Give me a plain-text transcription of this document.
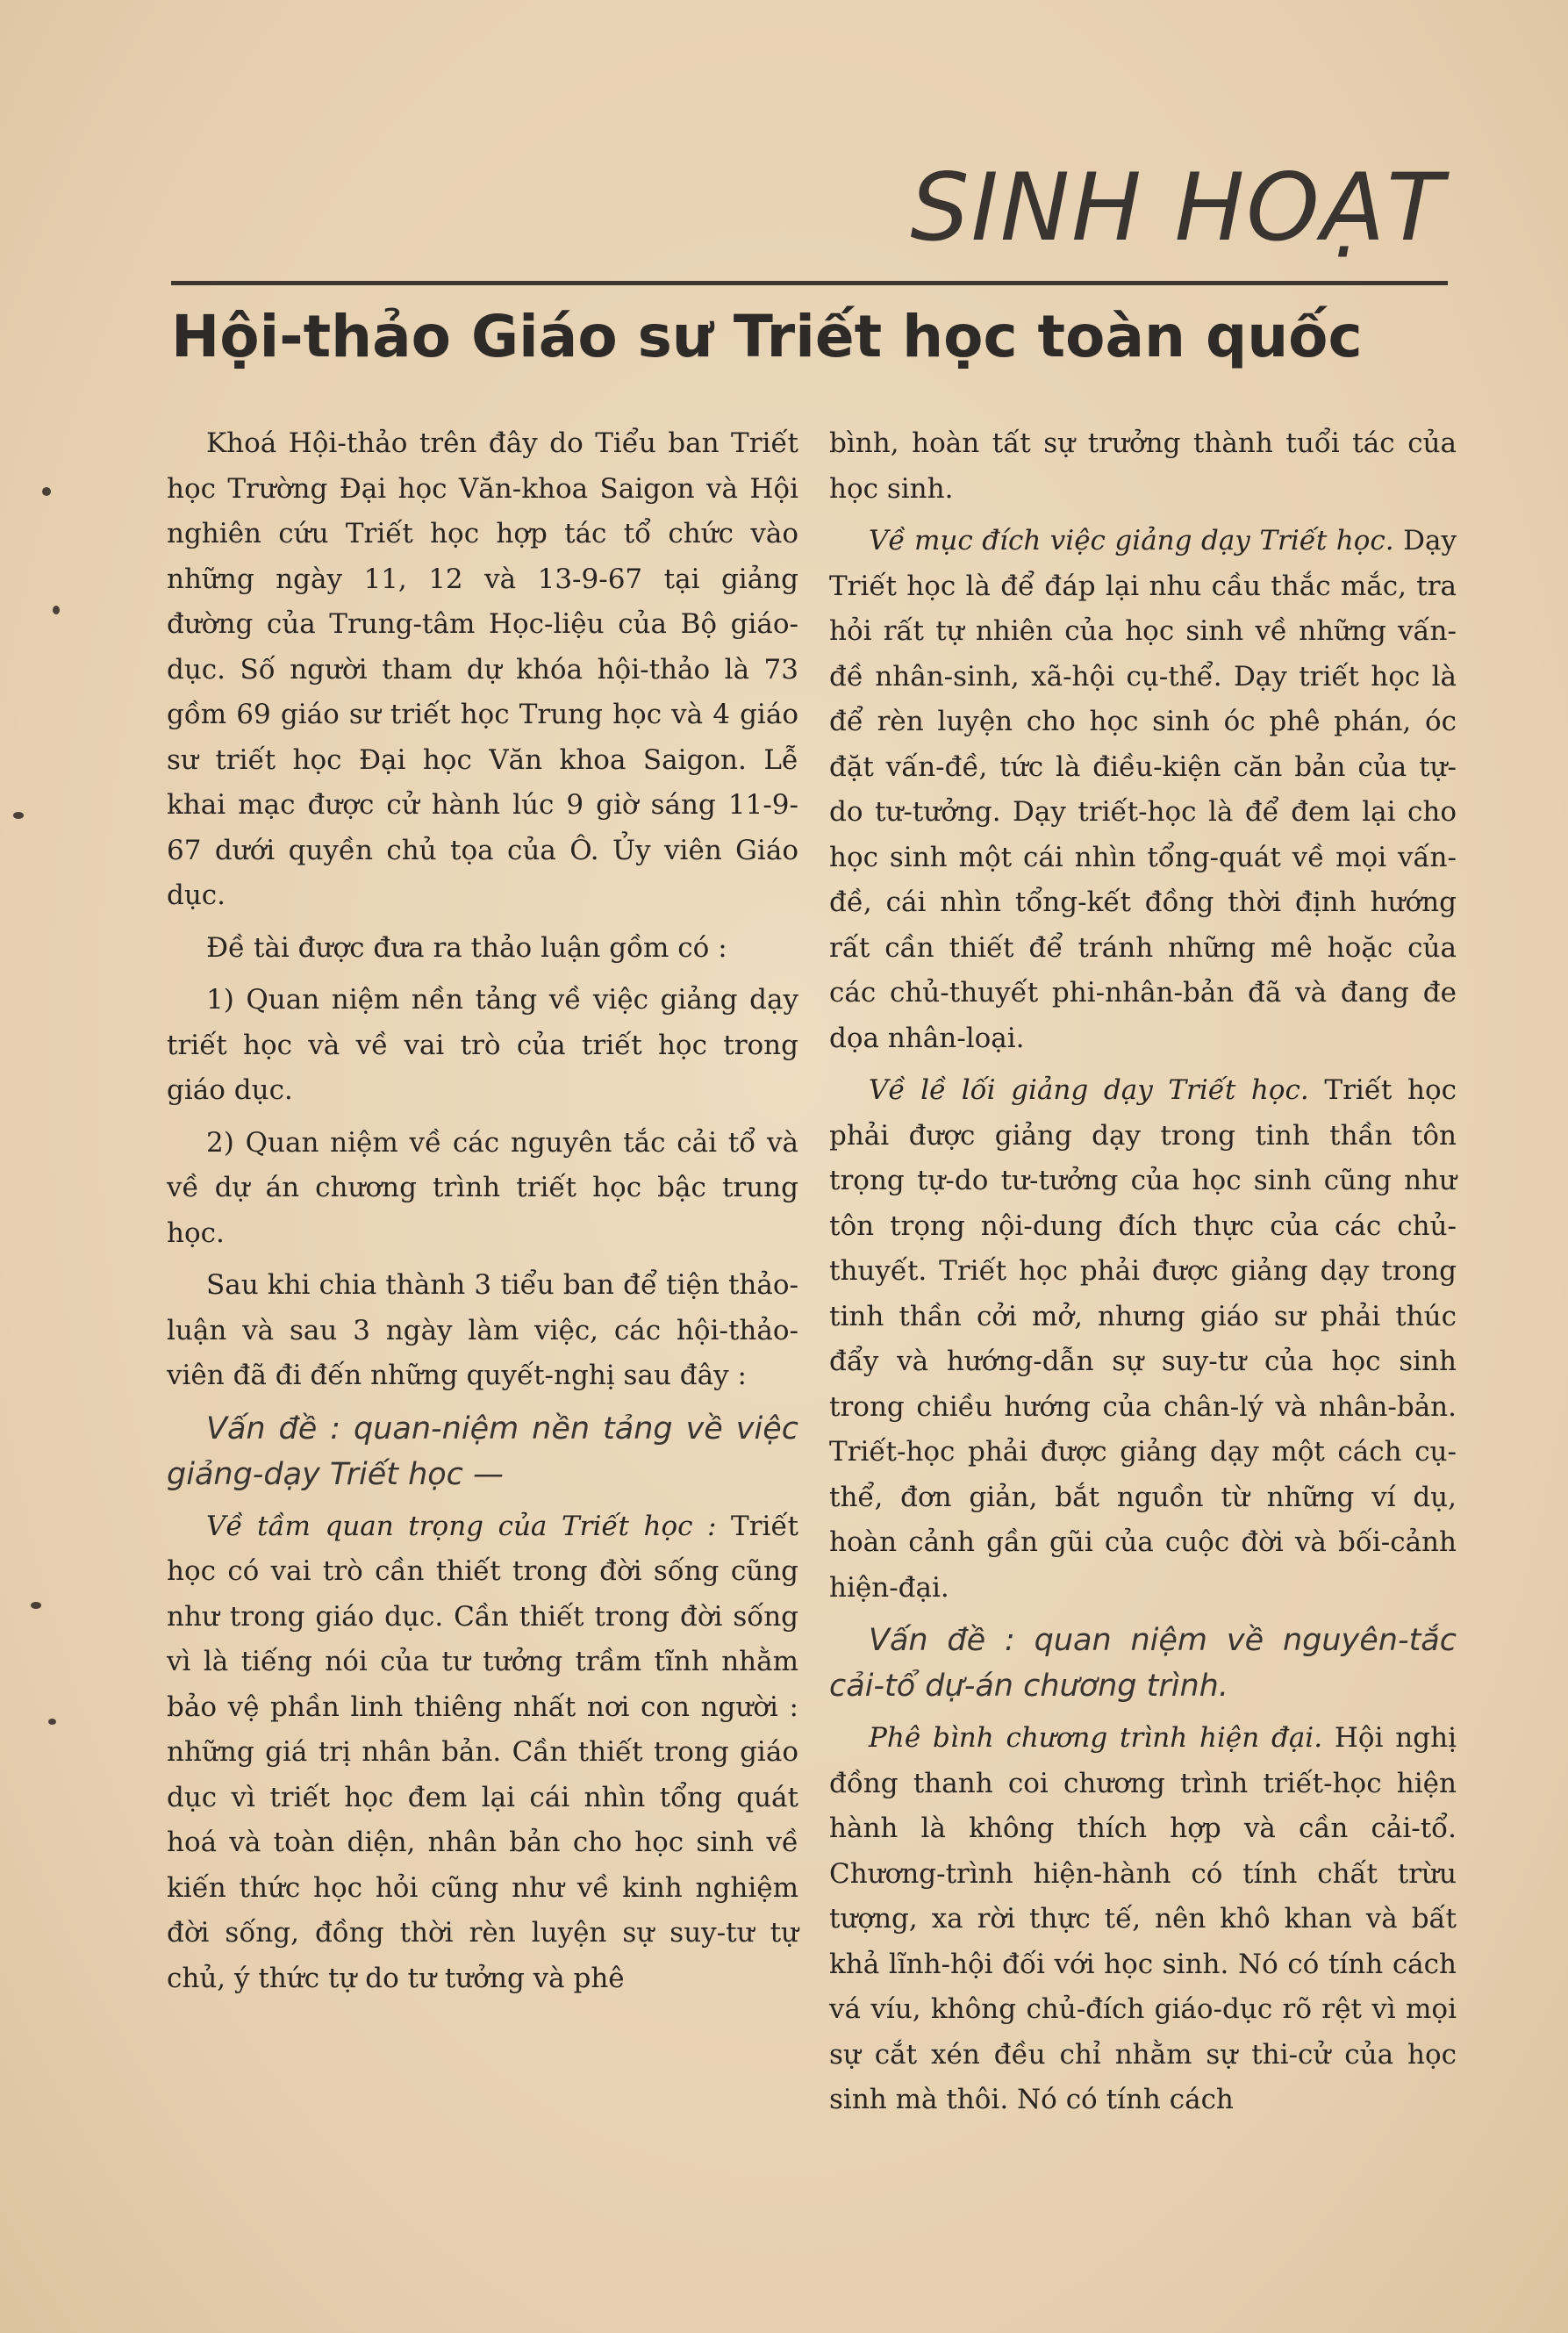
SINH HOẠT
Hội-thảo Giáo sư Triết học toàn quốc

Khoá Hội-thảo trên đây do Tiểu ban Triết học Trường Đại học Văn-khoa Saigon và Hội nghiên cứu Triết học hợp tác tổ chức vào những ngày 11, 12 và 13-9-67 tại giảng đường của Trung-tâm Học-liệu của Bộ giáo-dục. Số người tham dự khóa hội-thảo là 73 gồm 69 giáo sư triết học Trung học và 4 giáo sư triết học Đại học Văn khoa Saigon. Lễ khai mạc được cử hành lúc 9 giờ sáng 11-9-67 dưới quyền chủ tọa của Ô. Ủy viên Giáo dục.

Đề tài được đưa ra thảo luận gồm có :

1) Quan niệm nền tảng về việc giảng dạy triết học và về vai trò của triết học trong giáo dục.

2) Quan niệm về các nguyên tắc cải tổ và về dự án chương trình triết học bậc trung học.

Sau khi chia thành 3 tiểu ban để tiện thảo-luận và sau 3 ngày làm việc, các hội-thảo-viên đã đi đến những quyết-nghị sau đây :

Vấn đề : quan-niệm nền tảng về việc giảng-dạy Triết học —

Về tầm quan trọng của Triết học : Triết học có vai trò cần thiết trong đời sống cũng như trong giáo dục. Cần thiết trong đời sống vì là tiếng nói của tư tưởng trầm tĩnh nhằm bảo vệ phần linh thiêng nhất nơi con người : những giá trị nhân bản. Cần thiết trong giáo dục vì triết học đem lại cái nhìn tổng quát hoá và toàn diện, nhân bản cho học sinh về kiến thức học hỏi cũng như về kinh nghiệm đời sống, đồng thời rèn luyện sự suy-tư tự chủ, ý thức tự do tư tưởng và phê

bình, hoàn tất sự trưởng thành tuổi tác của học sinh.

Về mục đích việc giảng dạy Triết học. Dạy Triết học là để đáp lại nhu cầu thắc mắc, tra hỏi rất tự nhiên của học sinh về những vấn-đề nhân-sinh, xã-hội cụ-thể. Dạy triết học là để rèn luyện cho học sinh óc phê phán, óc đặt vấn-đề, tức là điều-kiện căn bản của tự-do tư-tưởng. Dạy triết-học là để đem lại cho học sinh một cái nhìn tổng-quát về mọi vấn-đề, cái nhìn tổng-kết đồng thời định hướng rất cần thiết để tránh những mê hoặc của các chủ-thuyết phi-nhân-bản đã và đang đe dọa nhân-loại.

Về lề lối giảng dạy Triết học. Triết học phải được giảng dạy trong tinh thần tôn trọng tự-do tư-tưởng của học sinh cũng như tôn trọng nội-dung đích thực của các chủ-thuyết. Triết học phải được giảng dạy trong tinh thần cởi mở, nhưng giáo sư phải thúc đẩy và hướng-dẫn sự suy-tư của học sinh trong chiều hướng của chân-lý và nhân-bản. Triết-học phải được giảng dạy một cách cụ-thể, đơn giản, bắt nguồn từ những ví dụ, hoàn cảnh gần gũi của cuộc đời và bối-cảnh hiện-đại.

Vấn đề : quan niệm về nguyên-tắc cải-tổ dự-án chương trình.

Phê bình chương trình hiện đại. Hội nghị đồng thanh coi chương trình triết-học hiện hành là không thích hợp và cần cải-tổ. Chương-trình hiện-hành có tính chất trừu tượng, xa rời thực tế, nên khô khan và bất khả lĩnh-hội đối với học sinh. Nó có tính cách vá víu, không chủ-đích giáo-dục rõ rệt vì mọi sự cắt xén đều chỉ nhằm sự thi-cử của học sinh mà thôi. Nó có tính cách
